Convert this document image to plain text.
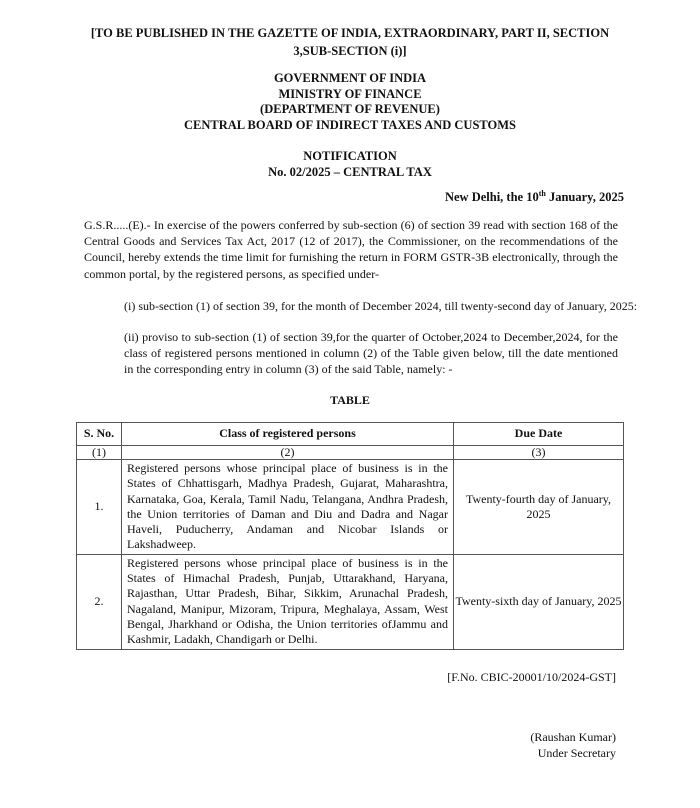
[TO BE PUBLISHED IN THE GAZETTE OF INDIA, EXTRAORDINARY, PART II, SECTION 3,SUB-SECTION (i)]
GOVERNMENT OF INDIA
MINISTRY OF FINANCE
(DEPARTMENT OF REVENUE)
CENTRAL BOARD OF INDIRECT TAXES AND CUSTOMS
NOTIFICATION
No. 02/2025 – CENTRAL TAX
New Delhi, the 10th January, 2025
G.S.R.....(E).- In exercise of the powers conferred by sub-section (6) of section 39 read with section 168 of the Central Goods and Services Tax Act, 2017 (12 of 2017), the Commissioner, on the recommendations of the Council, hereby extends the time limit for furnishing the return in FORM GSTR-3B electronically, through the common portal, by the registered persons, as specified under-
(i) sub-section (1) of section 39, for the month of December 2024, till twenty-second day of January, 2025:
(ii) proviso to sub-section (1) of section 39,for the quarter of October,2024 to December,2024, for the class of registered persons mentioned in column (2) of the Table given below, till the date mentioned in the corresponding entry in column (3) of the said Table, namely: -
TABLE
S. No.	Class of registered persons	Due Date
(1)	(2)	(3)
1.	Registered persons whose principal place of business is in the States of Chhattisgarh, Madhya Pradesh, Gujarat, Maharashtra, Karnataka, Goa, Kerala, Tamil Nadu, Telangana, Andhra Pradesh, the Union territories of Daman and Diu and Dadra and Nagar Haveli, Puducherry, Andaman and Nicobar Islands or Lakshadweep.	Twenty-fourth day of January, 2025
2.	Registered persons whose principal place of business is in the States of Himachal Pradesh, Punjab, Uttarakhand, Haryana, Rajasthan, Uttar Pradesh, Bihar, Sikkim, Arunachal Pradesh, Nagaland, Manipur, Mizoram, Tripura, Meghalaya, Assam, West Bengal, Jharkhand or Odisha, the Union territories ofJammu and Kashmir, Ladakh, Chandigarh or Delhi.	Twenty-sixth day of January, 2025
[F.No. CBIC-20001/10/2024-GST]
(Raushan Kumar)
Under Secretary
